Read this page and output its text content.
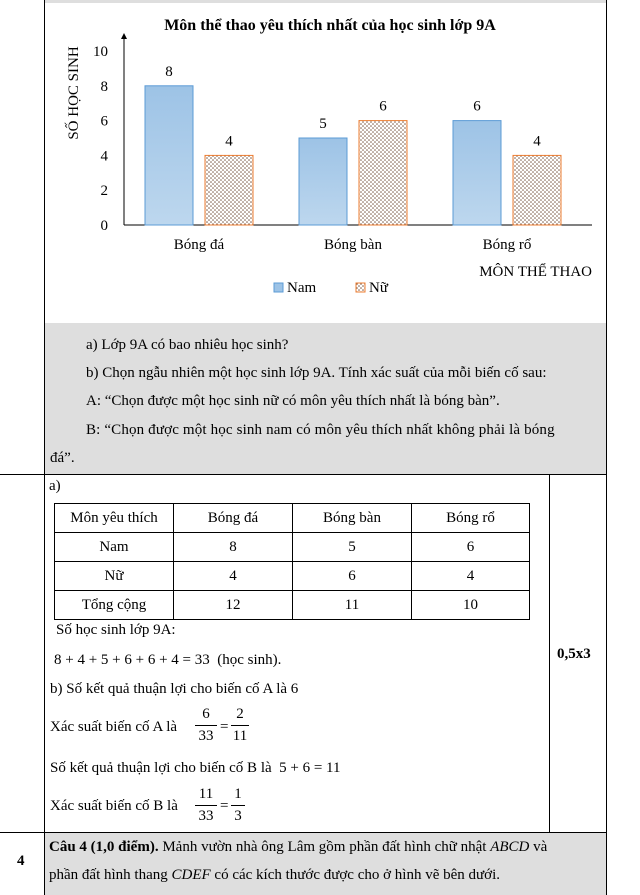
Môn thể thao yêu thích nhất của học sinh lớp 9A
SỐ HỌC SINH
MÔN THỂ THAO
0
2
4
6
8
10
8
4
Bóng đá
5
6
Bóng bàn
6
4
Bóng rổ
Nam	Nữ
a) Lớp 9A có bao nhiêu học sinh?
b) Chọn ngẫu nhiên một học sinh lớp 9A. Tính xác suất của mỗi biến cố sau:
A: “Chọn được một học sinh nữ có môn yêu thích nhất là bóng bàn”.
B: “Chọn được một học sinh nam có môn yêu thích nhất không phải là bóng
đá”.
a)
Môn yêu thích	Bóng đá	Bóng bàn	Bóng rổ
Nam	8	5	6
Nữ	4	6	4
Tổng cộng	12	11	10
Số học sinh lớp 9A:
8 + 4 + 5 + 6 + 6 + 4 = 33 (học sinh).
b) Số kết quả thuận lợi cho biến cố A là 6
Xác suất biến cố A là
6
33
=
2
11
Số kết quả thuận lợi cho biến cố B là 5 + 6 = 11
Xác suất biến cố B là
11
33
=
1
3
0,5x3
4
Câu 4 (1,0 điểm). Mảnh vườn nhà ông Lâm gồm phần đất hình chữ nhật ABCD và
phần đất hình thang CDEF có các kích thước được cho ở hình vẽ bên dưới.
